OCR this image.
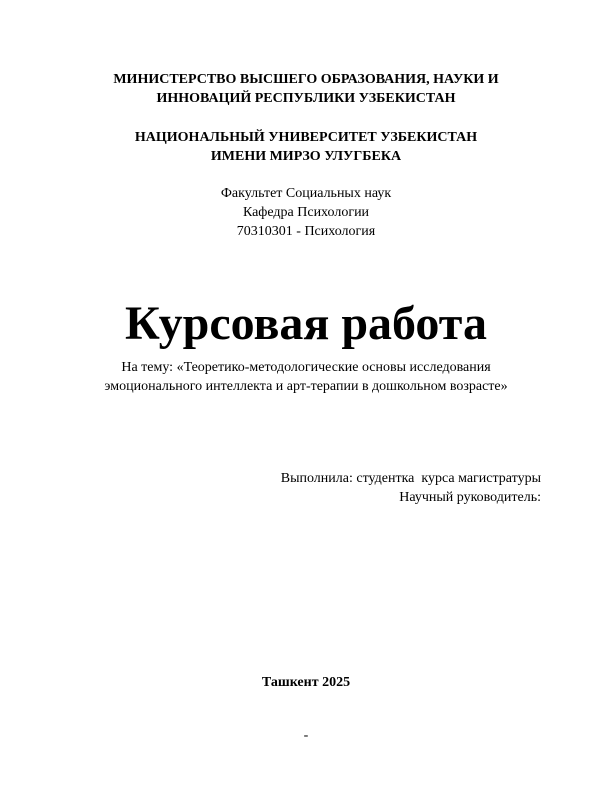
МИНИСТЕРСТВО ВЫСШЕГО ОБРАЗОВАНИЯ, НАУКИ И
ИННОВАЦИЙ РЕСПУБЛИКИ УЗБЕКИСТАН
НАЦИОНАЛЬНЫЙ УНИВЕРСИТЕТ УЗБЕКИСТАН
ИМЕНИ МИРЗО УЛУГБЕКА
Факультет Социальных наук
Кафедра Психологии
70310301 - Психология
Курсовая работа
На тему: «Теоретико-методологические основы исследования
эмоционального интеллекта и арт-терапии в дошкольном возрасте»
Выполнила: студентка  курса магистратуры
Научный руководитель:
Ташкент 2025
-
